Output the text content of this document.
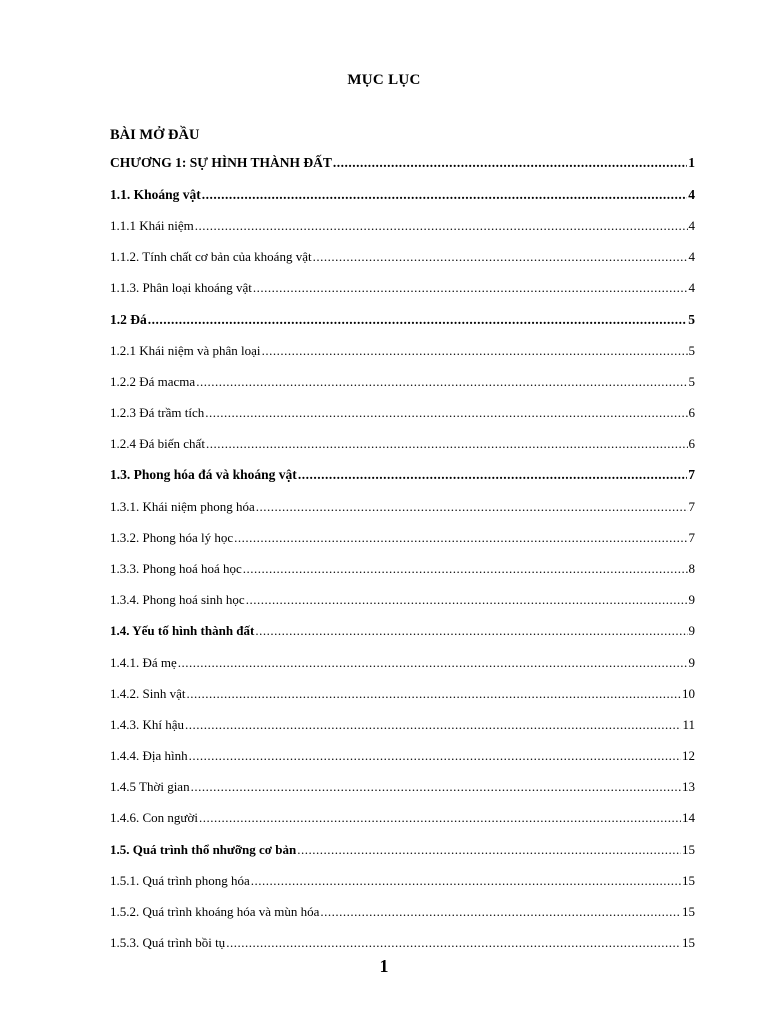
MỤC LỤC
BÀI MỞ ĐẦU
CHƯƠNG 1: SỰ HÌNH THÀNH ĐẤT .....	1
1.1. Khoáng vật .....	4
1.1.1 Khái niệm .....	4
1.1.2. Tính chất cơ bản của khoáng vật .....	4
1.1.3. Phân loại khoáng vật .....	4
1.2 Đá .....	5
1.2.1 Khái niệm và phân loại .....	5
1.2.2 Đá macma .....	5
1.2.3 Đá trầm tích .....	6
1.2.4 Đá biến chất .....	6
1.3. Phong hóa đá và khoáng vật .....	7
1.3.1. Khái niệm phong hóa .....	7
1.3.2. Phong hóa lý học .....	7
1.3.3. Phong hoá hoá học .....	8
1.3.4. Phong hoá sinh học .....	9
1.4. Yếu tố hình thành đất .....	9
1.4.1. Đá mẹ .....	9
1.4.2. Sinh vật .....	10
1.4.3. Khí hậu .....	11
1.4.4. Địa hình .....	12
1.4.5 Thời gian .....	13
1.4.6. Con người .....	14
1.5. Quá trình thổ nhưỡng cơ bản .....	15
1.5.1. Quá trình phong hóa .....	15
1.5.2. Quá trình khoáng hóa và mùn hóa .....	15
1.5.3. Quá trình bồi tụ .....	15
1
